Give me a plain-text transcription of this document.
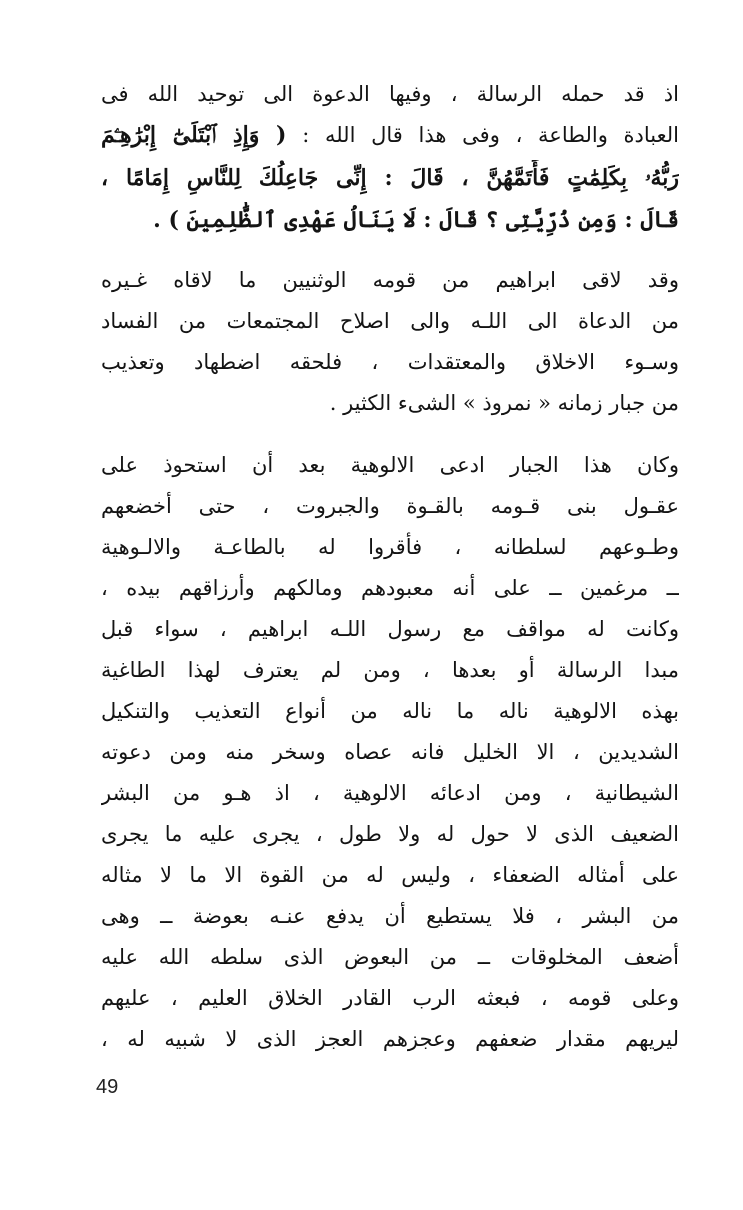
اذ قد حمله الرسالة ، وفيها الدعوة الى توحيد الله فى
العبادة والطاعة ، وفى هذا قال الله : ( وَإِذِ ٱبْتَلَىٰٓ إِبْرَٰهِـۧمَ
رَبُّهُۥ بِكَلِمَٰتٍ فَأَتَمَّهُنَّ ، قَالَ : إِنِّى جَاعِلُكَ لِلنَّاسِ إِمَامًا ،
قَالَ : وَمِن ذُرِّيَّتِى ؟ قَالَ : لَا يَنَالُ عَهْدِى ٱلظَّٰلِمِينَ ) .
وقد لاقى ابراهيم من قومه الوثنيين ما لاقاه غـيره
من الدعاة الى اللـه والى اصلاح المجتمعات من الفساد
وسـوء الاخلاق والمعتقدات ، فلحقه اضطهاد وتعذيب
من جبار زمانه « نمروذ » الشىء الكثير .
وكان هذا الجبار ادعى الالوهية بعد أن استحوذ على
عقـول بنى قـومه بالقـوة والجبروت ، حتى أخضعهم
وطـوعهم لسلطانه ، فأقروا له بالطاعـة والالـوهية
ــ مرغمين ــ على أنه معبودهم ومالكهم وأرزاقهم بيده ،
وكانت له مواقف مع رسول اللـه ابراهيم ، سواء قبل
مبدا الرسالة أو بعدها ، ومن لم يعترف لهذا الطاغية
بهذه الالوهية ناله ما ناله من أنواع التعذيب والتنكيل
الشديدين ، الا الخليل فانه عصاه وسخر منه ومن دعوته
الشيطانية ، ومن ادعائه الالوهية ، اذ هـو من البشر
الضعيف الذى لا حول له ولا طول ، يجرى عليه ما يجرى
على أمثاله الضعفاء ، وليس له من القوة الا ما لا مثاله
من البشر ، فلا يستطيع أن يدفع عنـه بعوضة ــ وهى
أضعف المخلوقات ــ من البعوض الذى سلطه الله عليه
وعلى قومه ، فبعثه الرب القادر الخلاق العليم ، عليهم
ليريهم مقدار ضعفهم وعجزهم العجز الذى لا شبيه له ،
49
